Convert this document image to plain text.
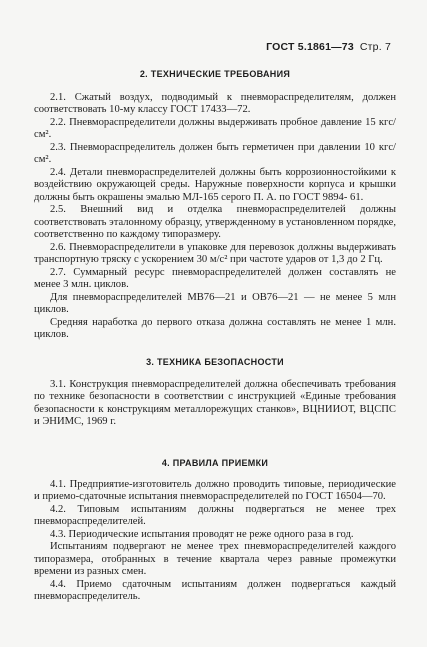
ГОСТ 5.1861—73 Стр. 7
2. ТЕХНИЧЕСКИЕ ТРЕБОВАНИЯ

2.1. Сжатый воздух, подводимый к пневмораспределителям, должен соответствовать 10-му классу ГОСТ 17433—72.

2.2. Пневмораспределители должны выдерживать пробное давление 15 кгс/см².

2.3. Пневмораспределитель должен быть герметичен при давлении 10 кгс/см².

2.4. Детали пневмораспределителей должны быть коррозионностойкими к воздействию окружающей среды. Наружные поверхности корпуса и крышки должны быть окрашены эмалью МЛ-165 серого П. А. по ГОСТ 9894- 61.

2.5. Внешний вид и отделка пневмораспределителей должны соответствовать эталонному образцу, утвержденному в установленном порядке, соответственно по каждому типоразмеру.

2.6. Пневмораспределители в упаковке для перевозок должны выдерживать транспортную тряску с ускорением 30 м/с² при частоте ударов от 1,3 до 2 Гц.

2.7. Суммарный ресурс пневмораспределителей должен составлять не менее 3 млн. циклов.

Для пневмораспределителей МВ76—21 и ОВ76—21 — не менее 5 млн циклов.

Средняя наработка до первого отказа должна составлять не менее 1 млн. циклов.

3. ТЕХНИКА БЕЗОПАСНОСТИ

3.1. Конструкция пневмораспределителей должна обеспечивать требования по технике безопасности в соответствии с инструкцией «Единые требования безопасности к конструкциям металлорежущих станков», ВЦНИИОТ, ВЦСПС и ЭНИМС, 1969 г.

4. ПРАВИЛА ПРИЕМКИ

4.1. Предприятие-изготовитель должно проводить типовые, периодические и приемо-сдаточные испытания пневмораспределителей по ГОСТ 16504—70.

4.2. Типовым испытаниям должны подвергаться не менее трех пневмораспределителей.

4.3. Периодические испытания проводят не реже одного раза в год.

Испытаниям подвергают не менее трех пневмораспределителей каждого типоразмера, отобранных в течение квартала через равные промежутки времени из разных смен.

4.4. Приемо сдаточным испытаниям должен подвергаться каждый пневмораспределитель.
